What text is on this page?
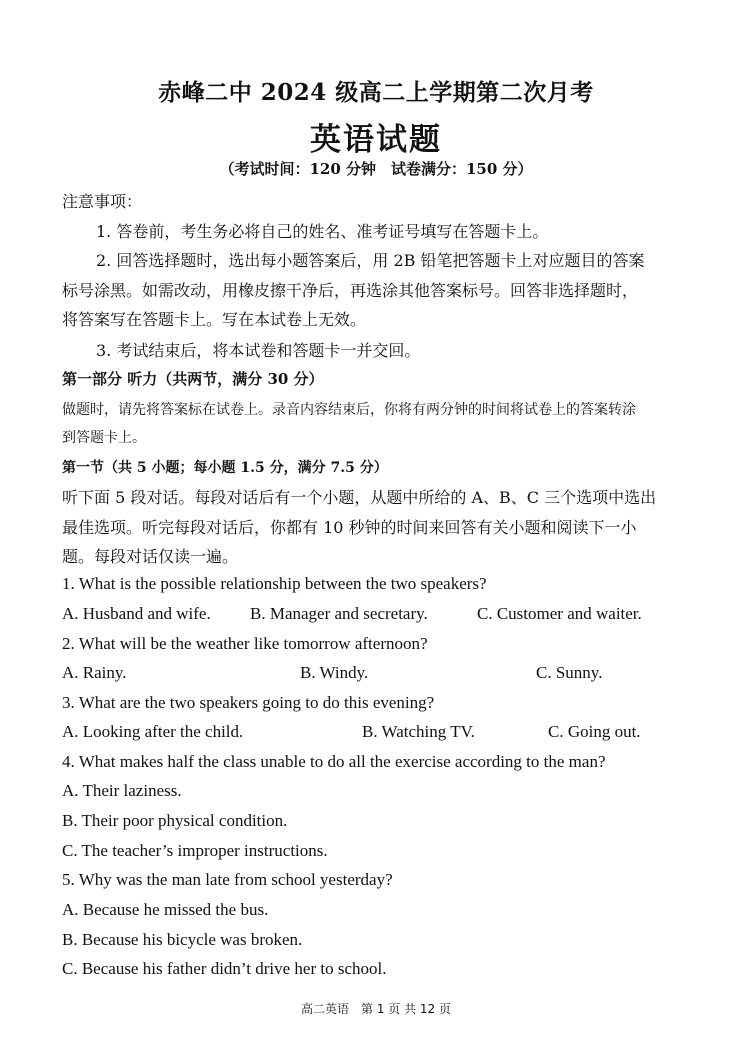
赤峰二中 2024 级高二上学期第二次月考
英语试题
（考试时间：120 分钟　试卷满分：150 分）
注意事项：
1. 答卷前，考生务必将自己的姓名、准考证号填写在答题卡上。
2. 回答选择题时，选出每小题答案后，用 2B 铅笔把答题卡上对应题目的答案
标号涂黑。如需改动，用橡皮擦干净后，再选涂其他答案标号。回答非选择题时，
将答案写在答题卡上。写在本试卷上无效。
3. 考试结束后，将本试卷和答题卡一并交回。
第一部分 听力（共两节，满分 30 分）
做题时，请先将答案标在试卷上。录音内容结束后，你将有两分钟的时间将试卷上的答案转涂
到答题卡上。
第一节（共 5 小题；每小题 1.5 分，满分 7.5 分）
听下面 5 段对话。每段对话后有一个小题，从题中所给的 A、B、C 三个选项中选出
最佳选项。听完每段对话后，你都有 10 秒钟的时间来回答有关小题和阅读下一小
题。每段对话仅读一遍。
1. What is the possible relationship between the two speakers?
A. Husband and wife. B. Manager and secretary.	C. Customer and waiter.
2. What will be the weather like tomorrow afternoon?
A. Rainy.	B. Windy.	C. Sunny.
3. What are the two speakers going to do this evening?
A. Looking after the child.	B. Watching TV.	C. Going out.
4. What makes half the class unable to do all the exercise according to the man?
A. Their laziness.
B. Their poor physical condition.
C. The teacher’s improper instructions.
5. Why was the man late from school yesterday?
A. Because he missed the bus.
B. Because his bicycle was broken.
C. Because his father didn’t drive her to school.
高二英语　第 1 页 共 12 页
